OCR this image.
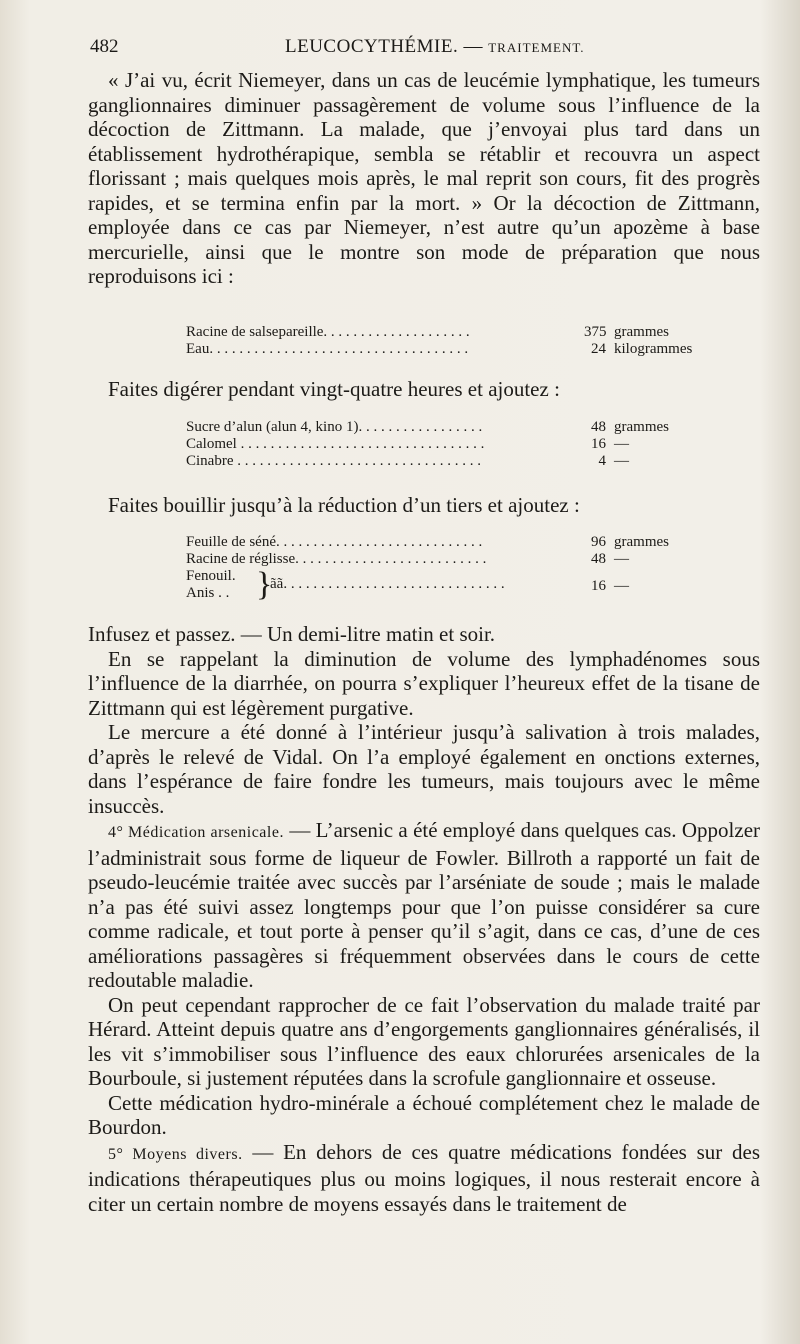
482	LEUCOCYTHÉMIE. — TRAITEMENT.

« J’ai vu, écrit Niemeyer, dans un cas de leucémie lymphatique, les tumeurs ganglionnaires diminuer passagèrement de volume sous l’influence de la décoction de Zittmann. La malade, que j’envoyai plus tard dans un établissement hydrothérapique, sembla se rétablir et recouvra un aspect florissant ; mais quelques mois après, le mal reprit son cours, fit des progrès rapides, et se termina enfin par la mort. » Or la décoction de Zittmann, employée dans ce cas par Niemeyer, n’est autre qu’un apozème à base mercurielle, ainsi que le montre son mode de préparation que nous reproduisons ici :

Racine de salsepareille. . . . . . . . . . . . . . . . . . . .	375 grammes
Eau. . . . . . . . . . . . . . . . . . . . . . . . . . . . . . . . . . .	24 kilogrammes
Faites digérer pendant vingt-quatre heures et ajoutez :
Sucre d’alun (alun 4, kino 1). . . . . . . . . . . . . . . . .	48 grammes
Calomel . . . . . . . . . . . . . . . . . . . . . . . . . . . . . . . . .	16 —
Cinabre . . . . . . . . . . . . . . . . . . . . . . . . . . . . . . . . .	4 —
Faites bouillir jusqu’à la réduction d’un tiers et ajoutez :
Feuille de séné. . . . . . . . . . . . . . . . . . . . . . . . . . . .	96 grammes
Racine de réglisse. . . . . . . . . . . . . . . . . . . . . . . . . .	48 —
Fenouil.
Anis . . }
ãã. . . . . . . . . . . . . . . . . . . . . . . . . . . . . .	16 —

Infusez et passez. — Un demi-litre matin et soir.

En se rappelant la diminution de volume des lymphadénomes sous l’influence de la diarrhée, on pourra s’expliquer l’heureux effet de la tisane de Zittmann qui est légèrement purgative.

Le mercure a été donné à l’intérieur jusqu’à salivation à trois malades, d’après le relevé de Vidal. On l’a employé également en onctions externes, dans l’espérance de faire fondre les tumeurs, mais toujours avec le même insuccès.

4° Médication arsenicale. — L’arsenic a été employé dans quelques cas. Oppolzer l’administrait sous forme de liqueur de Fowler. Billroth a rapporté un fait de pseudo-leucémie traitée avec succès par l’arséniate de soude ; mais le malade n’a pas été suivi assez longtemps pour que l’on puisse considérer sa cure comme radicale, et tout porte à penser qu’il s’agit, dans ce cas, d’une de ces améliorations passagères si fréquemment observées dans le cours de cette redoutable maladie.

On peut cependant rapprocher de ce fait l’observation du malade traité par Hérard. Atteint depuis quatre ans d’engorgements ganglionnaires généralisés, il les vit s’immobiliser sous l’influence des eaux chlorurées arsenicales de la Bourboule, si justement réputées dans la scrofule ganglionnaire et osseuse.

Cette médication hydro-minérale a échoué complétement chez le malade de Bourdon.

5° Moyens divers. — En dehors de ces quatre médications fondées sur des indications thérapeutiques plus ou moins logiques, il nous resterait encore à citer un certain nombre de moyens essayés dans le traitement de
